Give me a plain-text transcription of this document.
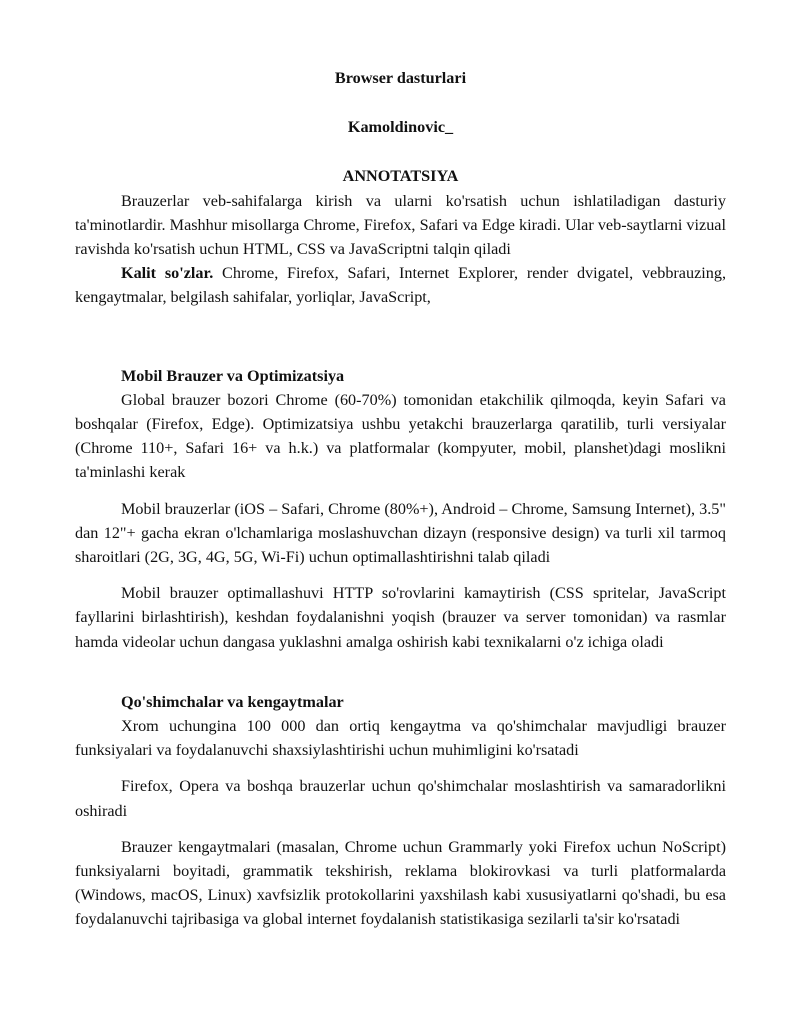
Browser dasturlari
Kamoldinovic_
ANNOTATSIYA

Brauzerlar veb-sahifalarga kirish va ularni ko'rsatish uchun ishlatiladigan dasturiy ta'minotlardir. Mashhur misollarga Chrome, Firefox, Safari va Edge kiradi. Ular veb-saytlarni vizual ravishda ko'rsatish uchun HTML, CSS va JavaScriptni talqin qiladi

Kalit so'zlar. Chrome, Firefox, Safari, Internet Explorer, render dvigatel, vebbrauzing, kengaytmalar, belgilash sahifalar, yorliqlar, JavaScript,

Mobil Brauzer va Optimizatsiya

Global brauzer bozori Chrome (60-70%) tomonidan etakchilik qilmoqda, keyin Safari va boshqalar (Firefox, Edge). Optimizatsiya ushbu yetakchi brauzerlarga qaratilib, turli versiyalar (Chrome 110+, Safari 16+ va h.k.) va platformalar (kompyuter, mobil, planshet)dagi moslikni ta'minlashi kerak

Mobil brauzerlar (iOS – Safari, Chrome (80%+), Android – Chrome, Samsung Internet), 3.5" dan 12"+ gacha ekran o'lchamlariga moslashuvchan dizayn (responsive design) va turli xil tarmoq sharoitlari (2G, 3G, 4G, 5G, Wi-Fi) uchun optimallashtirishni talab qiladi

Mobil brauzer optimallashuvi HTTP so'rovlarini kamaytirish (CSS spritelar, JavaScript fayllarini birlashtirish), keshdan foydalanishni yoqish (brauzer va server tomonidan) va rasmlar hamda videolar uchun dangasa yuklashni amalga oshirish kabi texnikalarni o'z ichiga oladi

Qo'shimchalar va kengaytmalar

Xrom uchungina 100 000 dan ortiq kengaytma va qo'shimchalar mavjudligi brauzer funksiyalari va foydalanuvchi shaxsiylashtirishi uchun muhimligini ko'rsatadi

Firefox, Opera va boshqa brauzerlar uchun qo'shimchalar moslashtirish va samaradorlikni oshiradi

Brauzer kengaytmalari (masalan, Chrome uchun Grammarly yoki Firefox uchun NoScript) funksiyalarni boyitadi, grammatik tekshirish, reklama blokirovkasi va turli platformalarda (Windows, macOS, Linux) xavfsizlik protokollarini yaxshilash kabi xususiyatlarni qo'shadi, bu esa foydalanuvchi tajribasiga va global internet foydalanish statistikasiga sezilarli ta'sir ko'rsatadi
